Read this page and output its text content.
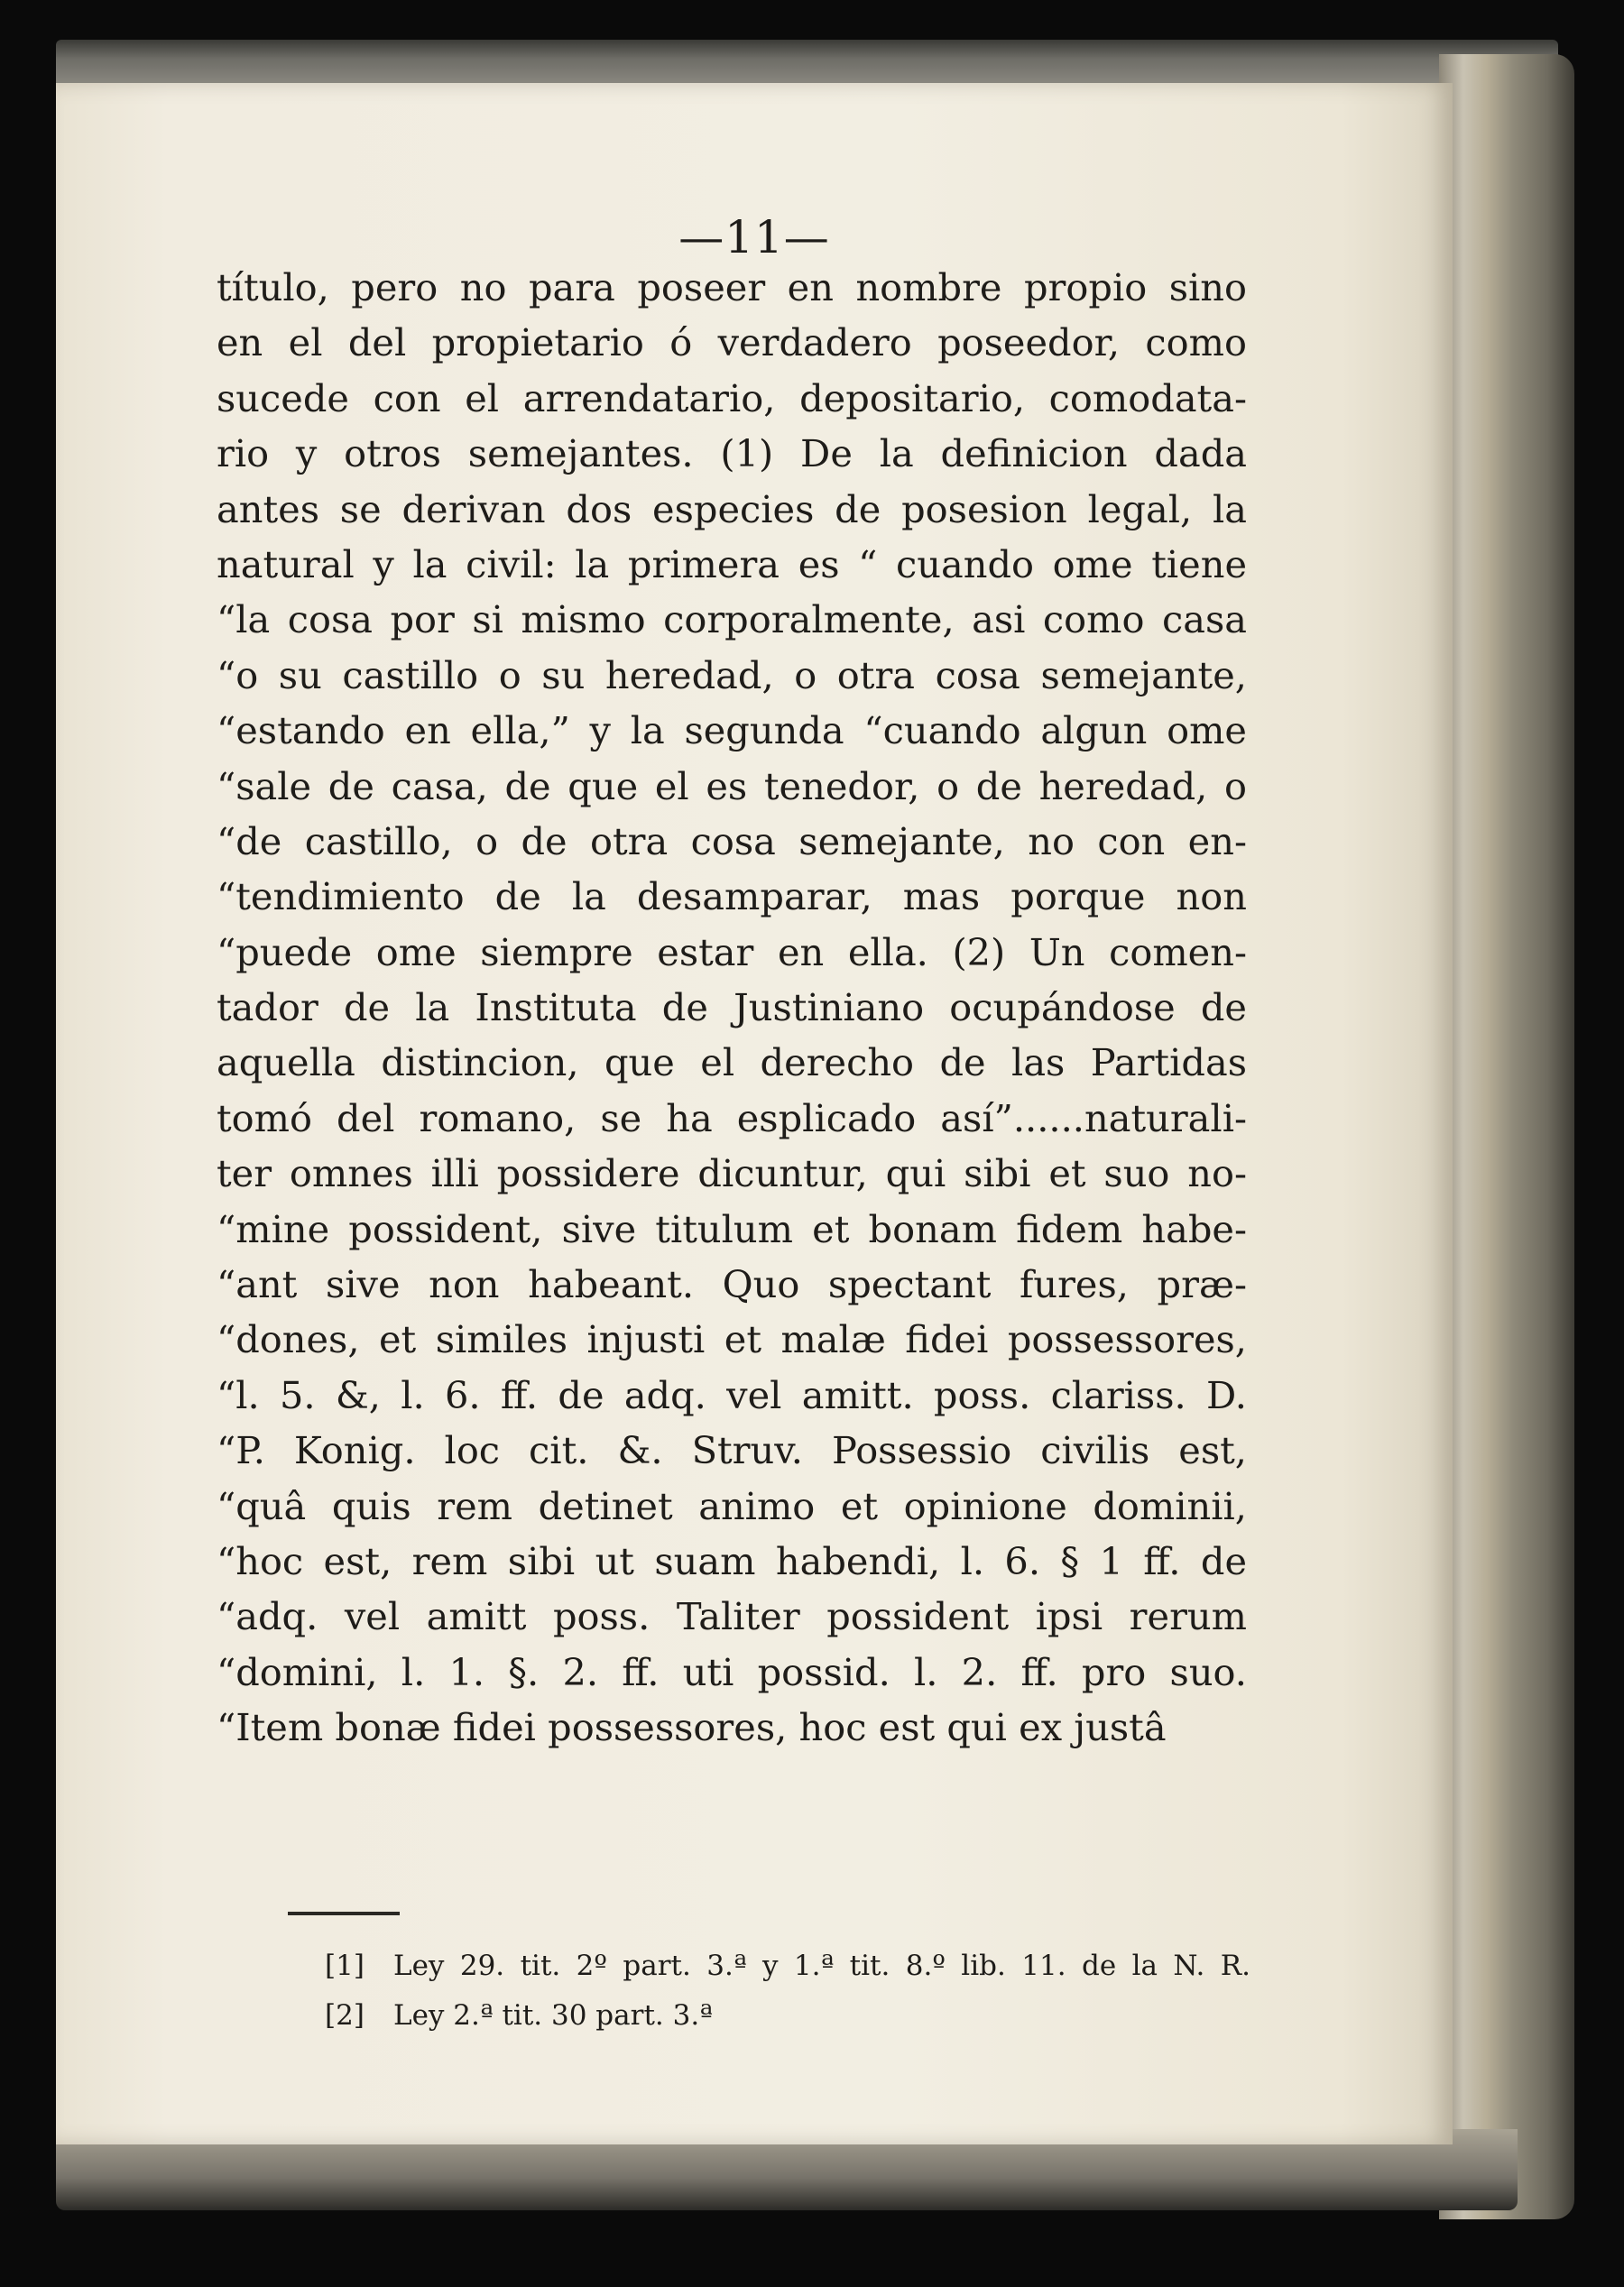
—11—
título, pero no para poseer en nombre propio sino
en el del propietario ó verdadero poseedor, como
sucede con el arrendatario, depositario, comodata-
rio y otros semejantes. (1) De la definicion dada
antes se derivan dos especies de posesion legal, la
natural y la civil: la primera es “ cuando ome tiene
“la cosa por si mismo corporalmente, asi como casa
“o su castillo o su heredad, o otra cosa semejante,
“estando en ella,” y la segunda “cuando algun ome
“sale de casa, de que el es tenedor, o de heredad, o
“de castillo, o de otra cosa semejante, no con en-
“tendimiento de la desamparar, mas porque non
“puede ome siempre estar en ella. (2) Un comen-
tador de la Instituta de Justiniano ocupándose de
aquella distincion, que el derecho de las Partidas
tomó del romano, se ha esplicado así”......naturali-
ter omnes illi possidere dicuntur, qui sibi et suo no-
“mine possident, sive titulum et bonam fidem habe-
“ant sive non habeant. Quo spectant fures, præ-
“dones, et similes injusti et malæ fidei possessores,
“l. 5. &, l. 6. ff. de adq. vel amitt. poss. clariss. D.
“P. Konig. loc cit. &. Struv. Possessio civilis est,
“quâ quis rem detinet animo et opinione dominii,
“hoc est, rem sibi ut suam habendi, l. 6. § 1 ff. de
“adq. vel amitt poss. Taliter possident ipsi rerum
“domini, l. 1. §. 2. ff. uti possid. l. 2. ff. pro suo.
“Item bonæ fidei possessores, hoc est qui ex justâ
[1] Ley 29. tit. 2º part. 3.ª y 1.ª tit. 8.º lib. 11. de la N. R.
[2] Ley 2.ª tit. 30 part. 3.ª
